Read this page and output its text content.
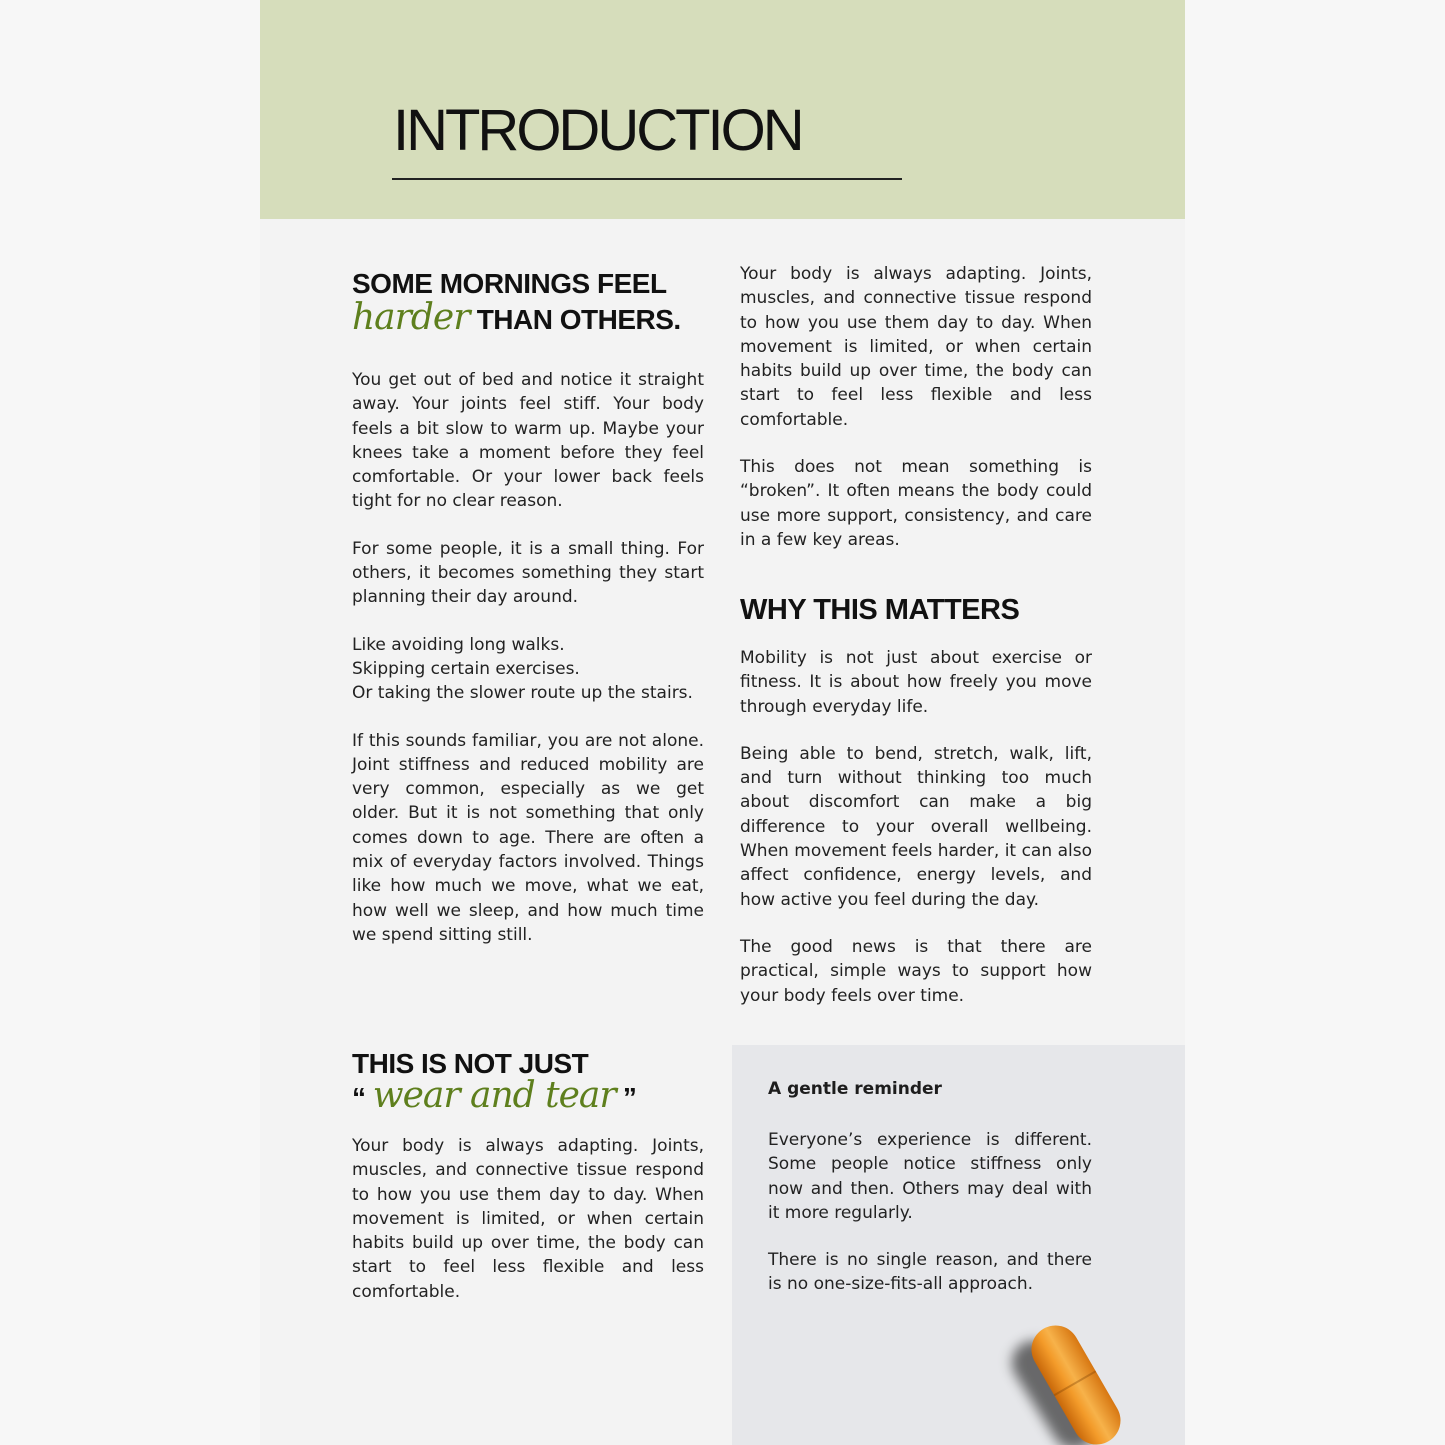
INTRODUCTION
SOME MORNINGS FEEL
harder THAN OTHERS.

You get out of bed and notice it straight away. Your joints feel stiff. Your body feels a bit slow to warm up. Maybe your knees take a moment before they feel comfortable. Or your lower back feels tight for no clear reason.

For some people, it is a small thing. For others, it becomes something they start planning their day around.

Like avoiding long walks.
Skipping certain exercises.
Or taking the slower route up the stairs.

If this sounds familiar, you are not alone. Joint stiffness and reduced mobility are very common, especially as we get older. But it is not something that only comes down to age. There are often a mix of everyday factors involved. Things like how much we move, what we eat, how well we sleep, and how much time we spend sitting still.

Your body is always adapting. Joints, muscles, and connective tissue respond to how you use them day to day. When movement is limited, or when certain habits build up over time, the body can start to feel less flexible and less comfortable.

This does not mean something is “broken”. It often means the body could use more support, consistency, and care in a few key areas.

WHY THIS MATTERS

Mobility is not just about exercise or fitness. It is about how freely you move through everyday life.

Being able to bend, stretch, walk, lift, and turn without thinking too much about discomfort can make a big difference to your overall wellbeing. When movement feels harder, it can also affect confidence, energy levels, and how active you feel during the day.

The good news is that there are practical, simple ways to support how your body feels over time.

THIS IS NOT JUST
“ wear and tear ”

Your body is always adapting. Joints, muscles, and connective tissue respond to how you use them day to day. When movement is limited, or when certain habits build up over time, the body can start to feel less flexible and less comfortable.

A gentle reminder

Everyone’s experience is different. Some people notice stiffness only now and then. Others may deal with it more regularly.

There is no single reason, and there is no one-size-fits-all approach.
